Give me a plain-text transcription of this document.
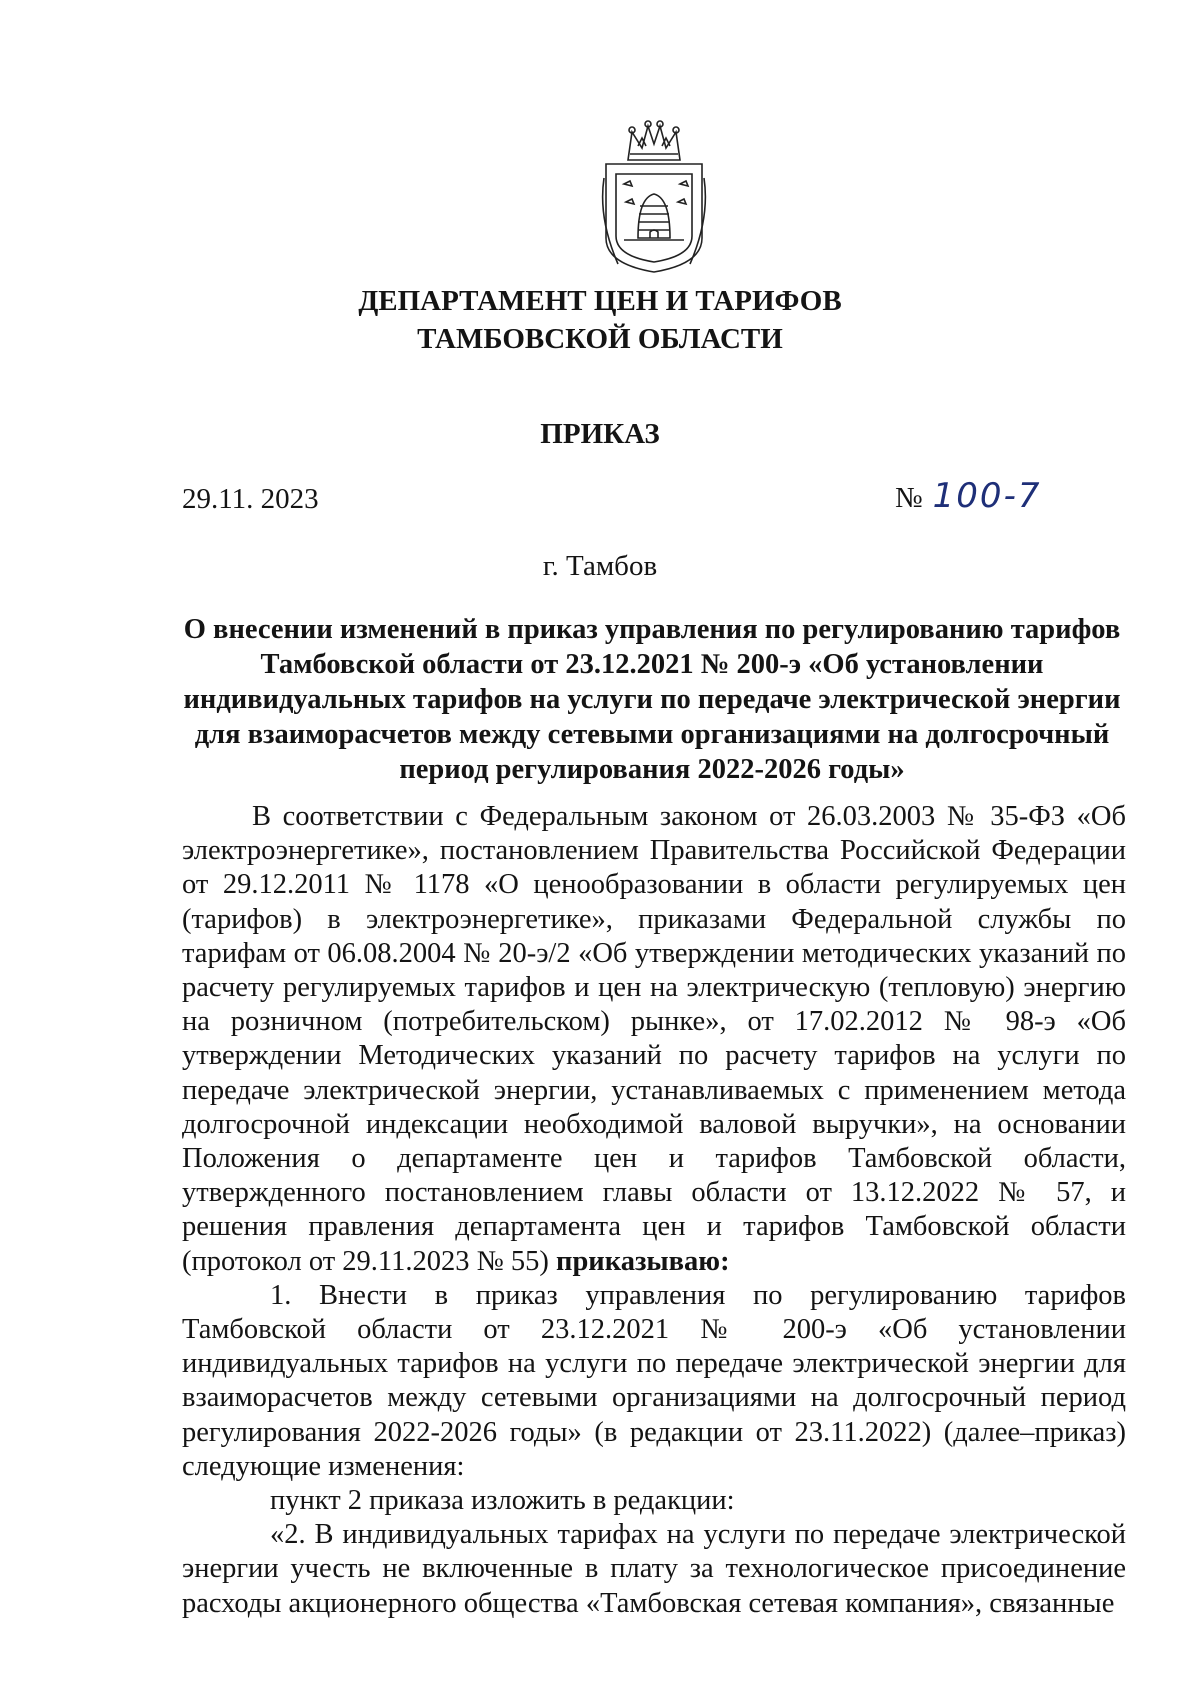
ДЕПАРТАМЕНТ ЦЕН И ТАРИФОВ
ТАМБОВСКОЙ ОБЛАСТИ
ПРИКАЗ
29.11. 2023	№ 100-7
г. Тамбов
О внесении изменений в приказ управления по регулированию тарифов Тамбовской области от 23.12.2021 № 200-э «Об установлении индивидуальных тарифов на услуги по передаче электрической энергии для взаиморасчетов между сетевыми организациями на долгосрочный период регулирования 2022-2026 годы»

В соответствии с Федеральным законом от 26.03.2003 № 35-ФЗ «Об электроэнергетике», постановлением Правительства Российской Федерации от 29.12.2011 № 1178 «О ценообразовании в области регулируемых цен (тарифов) в электроэнергетике», приказами Федеральной службы по тарифам от 06.08.2004 № 20-э/2 «Об утверждении методических указаний по расчету регулируемых тарифов и цен на электрическую (тепловую) энергию на розничном (потребительском) рынке», от 17.02.2012 № 98-э «Об утверждении Методических указаний по расчету тарифов на услуги по передаче электрической энергии, устанавливаемых с применением метода долгосрочной индексации необходимой валовой выручки», на основании Положения о департаменте цен и тарифов Тамбовской области, утвержденного постановлением главы области от 13.12.2022 № 57, и решения правления департамента цен и тарифов Тамбовской области (протокол от 29.11.2023 № 55) приказываю:

1. Внести в приказ управления по регулированию тарифов Тамбовской области от 23.12.2021 № 200-э «Об установлении индивидуальных тарифов на услуги по передаче электрической энергии для взаиморасчетов между сетевыми организациями на долгосрочный период регулирования 2022-2026 годы» (в редакции от 23.11.2022) (далее–приказ) следующие изменения:

пункт 2 приказа изложить в редакции:

«2. В индивидуальных тарифах на услуги по передаче электрической энергии учесть не включенные в плату за технологическое присоединение расходы акционерного общества «Тамбовская сетевая компания», связанные
